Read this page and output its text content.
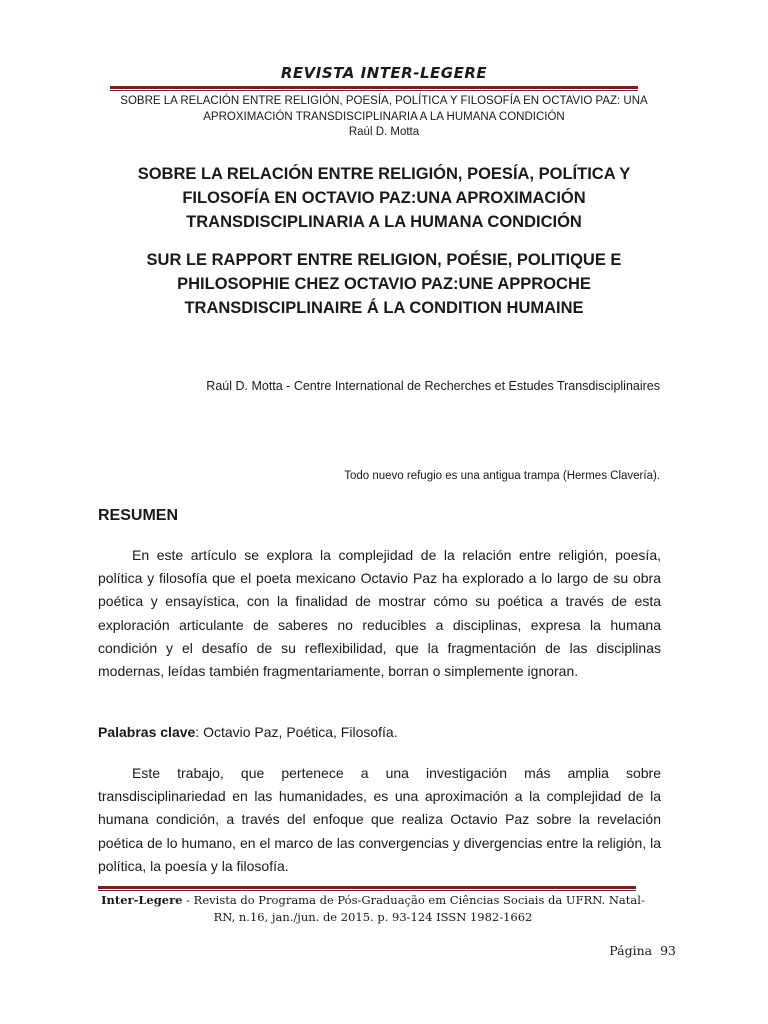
REVISTA INTER-LEGERE
SOBRE LA RELACIÓN ENTRE RELIGIÓN, POESÍA, POLÍTICA Y FILOSOFÍA EN OCTAVIO PAZ: UNA
APROXIMACIÓN TRANSDISCIPLINARIA A LA HUMANA CONDICIÓN
Raúl D. Motta
SOBRE LA RELACIÓN ENTRE RELIGIÓN, POESÍA, POLÍTICA Y FILOSOFÍA EN OCTAVIO PAZ:UNA APROXIMACIÓN TRANSDISCIPLINARIA A LA HUMANA CONDICIÓN
SUR LE RAPPORT ENTRE RELIGION, POÉSIE, POLITIQUE E PHILOSOPHIE CHEZ OCTAVIO PAZ:UNE APPROCHE TRANSDISCIPLINAIRE Á LA CONDITION HUMAINE
Raúl D. Motta - Centre International de Recherches et Estudes Transdisciplinaires
Todo nuevo refugio es una antigua trampa (Hermes Clavería).
RESUMEN

En este artículo se explora la complejidad de la relación entre religión, poesía, política y filosofía que el poeta mexicano Octavio Paz ha explorado a lo largo de su obra poética y ensayística, con la finalidad de mostrar cómo su poética a través de esta exploración articulante de saberes no reducibles a disciplinas, expresa la humana condición y el desafío de su reflexibilidad, que la fragmentación de las disciplinas modernas, leídas también fragmentariamente, borran o simplemente ignoran.

Palabras clave: Octavio Paz, Poética, Filosofía.

Este trabajo, que pertenece a una investigación más amplia sobre transdisciplinariedad en las humanidades, es una aproximación a la complejidad de la humana condición, a través del enfoque que realiza Octavio Paz sobre la revelación poética de lo humano, en el marco de las convergencias y divergencias entre la religión, la política, la poesía y la filosofía.

Inter-Legere - Revista do Programa de Pós-Graduação em Ciências Sociais da UFRN. Natal-RN, n.16, jan./jun. de 2015. p. 93-124 ISSN 1982-1662
Página 93
